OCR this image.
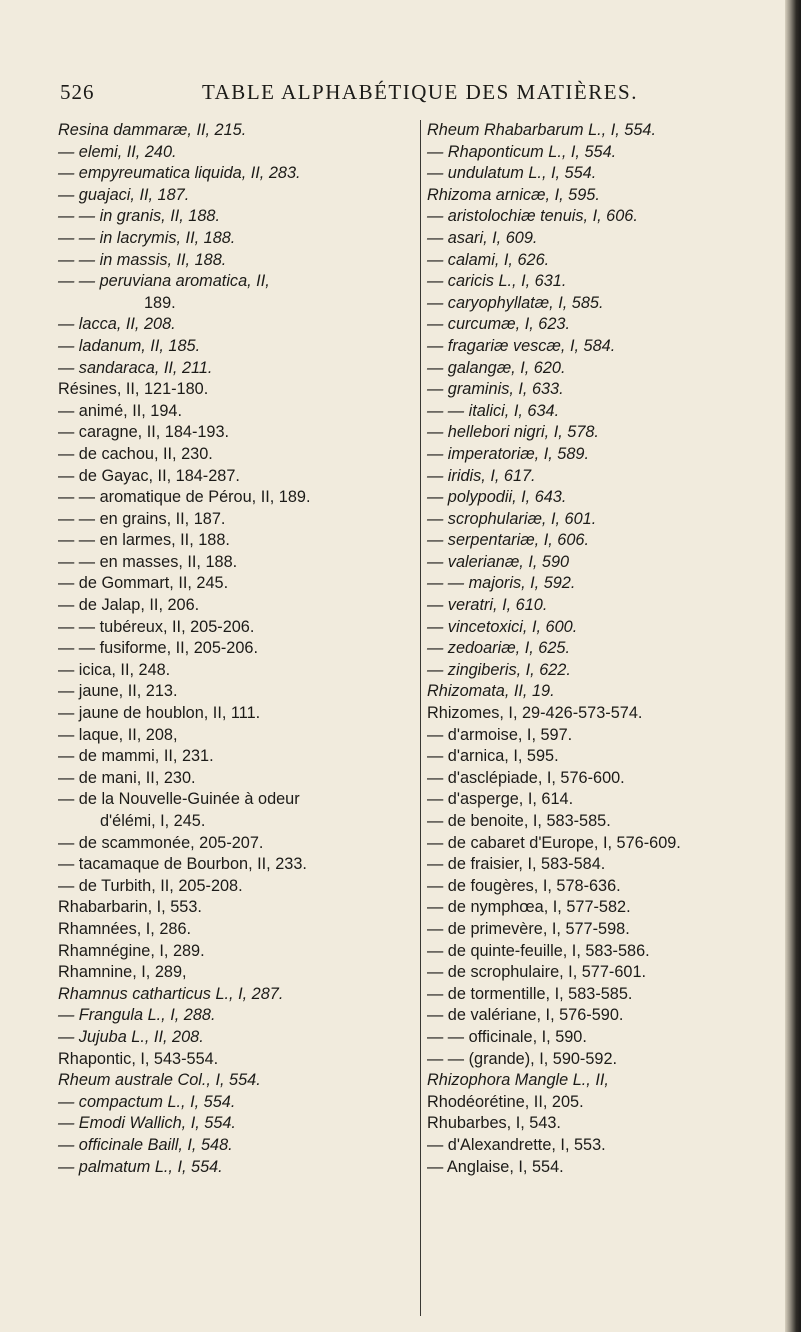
526	TABLE ALPHABÉTIQUE DES MATIÈRES.
Resina dammaræ, II, 215.
— elemi, II, 240.
— empyreumatica liquida, II, 283.
— guajaci, II, 187.
— — in granis, II, 188.
— — in lacrymis, II, 188.
— — in massis, II, 188.
— — peruviana aromatica, II,
189.
— lacca, II, 208.
— ladanum, II, 185.
— sandaraca, II, 211.
Résines, II, 121-180.
— animé, II, 194.
— caragne, II, 184-193.
— de cachou, II, 230.
— de Gayac, II, 184-287.
— — aromatique de Pérou, II, 189.
— — en grains, II, 187.
— — en larmes, II, 188.
— — en masses, II, 188.
— de Gommart, II, 245.
— de Jalap, II, 206.
— — tubéreux, II, 205-206.
— — fusiforme, II, 205-206.
— icica, II, 248.
— jaune, II, 213.
— jaune de houblon, II, 111.
— laque, II, 208,
— de mammi, II, 231.
— de mani, II, 230.
— de la Nouvelle-Guinée à odeur
d'élémi, I, 245.
— de scammonée, 205-207.
— tacamaque de Bourbon, II, 233.
— de Turbith, II, 205-208.
Rhabarbarin, I, 553.
Rhamnées, I, 286.
Rhamnégine, I, 289.
Rhamnine, I, 289,
Rhamnus catharticus L., I, 287.
— Frangula L., I, 288.
— Jujuba L., II, 208.
Rhapontic, I, 543-554.
Rheum australe Col., I, 554.
— compactum L., I, 554.
— Emodi Wallich, I, 554.
— officinale Baill, I, 548.
— palmatum L., I, 554.
Rheum Rhabarbarum L., I, 554.
— Rhaponticum L., I, 554.
— undulatum L., I, 554.
Rhizoma arnicæ, I, 595.
— aristolochiæ tenuis, I, 606.
— asari, I, 609.
— calami, I, 626.
— caricis L., I, 631.
— caryophyllatæ, I, 585.
— curcumæ, I, 623.
— fragariæ vescæ, I, 584.
— galangæ, I, 620.
— graminis, I, 633.
— — italici, I, 634.
— hellebori nigri, I, 578.
— imperatoriæ, I, 589.
— iridis, I, 617.
— polypodii, I, 643.
— scrophulariæ, I, 601.
— serpentariæ, I, 606.
— valerianæ, I, 590
— — majoris, I, 592.
— veratri, I, 610.
— vincetoxici, I, 600.
— zedoariæ, I, 625.
— zingiberis, I, 622.
Rhizomata, II, 19.
Rhizomes, I, 29-426-573-574.
— d'armoise, I, 597.
— d'arnica, I, 595.
— d'asclépiade, I, 576-600.
— d'asperge, I, 614.
— de benoite, I, 583-585.
— de cabaret d'Europe, I, 576-609.
— de fraisier, I, 583-584.
— de fougères, I, 578-636.
— de nymphœa, I, 577-582.
— de primevère, I, 577-598.
— de quinte-feuille, I, 583-586.
— de scrophulaire, I, 577-601.
— de tormentille, I, 583-585.
— de valériane, I, 576-590.
— — officinale, I, 590.
— — (grande), I, 590-592.
Rhizophora Mangle L., II,
Rhodéorétine, II, 205.
Rhubarbes, I, 543.
— d'Alexandrette, I, 553.
— Anglaise, I, 554.
